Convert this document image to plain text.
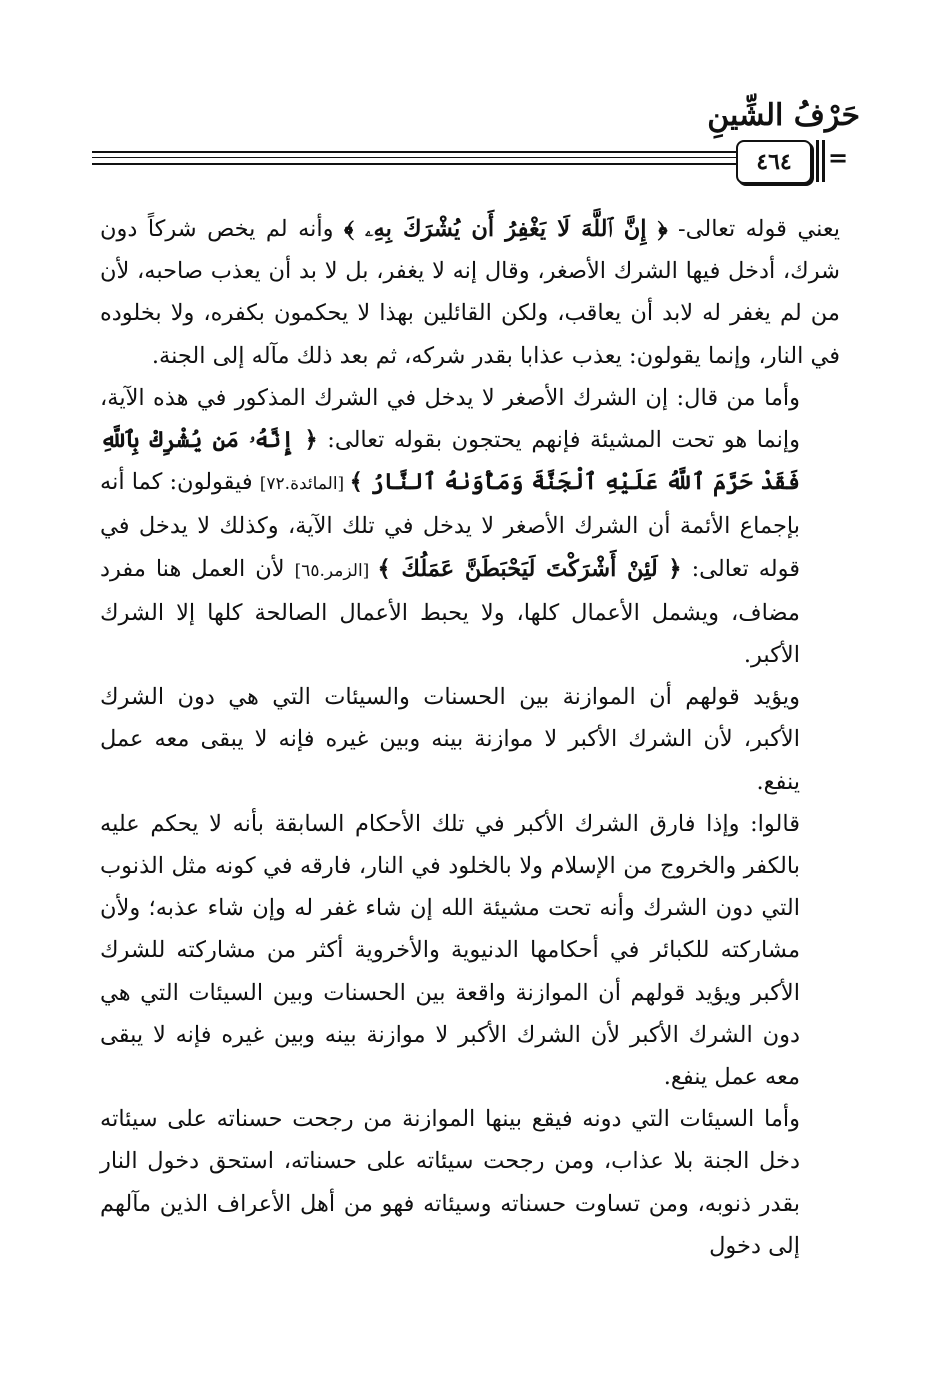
حَرْفُ الشِّينِ
٤٦٤	=

يعني قوله تعالى- ﴿ إِنَّ ٱللَّهَ لَا يَغْفِرُ أَن يُشْرَكَ بِهِۦ ﴾ وأنه لم يخص شركاً دون شرك، أدخل فيها الشرك الأصغر، وقال إنه لا يغفر، بل لا بد أن يعذب صاحبه، لأن من لم يغفر له لابد أن يعاقب، ولكن القائلين بهذا لا يحكمون بكفره، ولا بخلوده في النار، وإنما يقولون: يعذب عذابا بقدر شركه، ثم بعد ذلك مآله إلى الجنة.

وأما من قال: إن الشرك الأصغر لا يدخل في الشرك المذكور في هذه الآية، وإنما هو تحت المشيئة فإنهم يحتجون بقوله تعالى: ﴿ إِنَّهُۥ مَن يُشْرِكْ بِٱللَّهِ فَقَدْ حَرَّمَ ٱللَّهُ عَلَيْهِ ٱلْجَنَّةَ وَمَأْوَىٰهُ ٱلنَّارُ ﴾ [المائدة.٧٢] فيقولون: كما أنه بإجماع الأئمة أن الشرك الأصغر لا يدخل في تلك الآية، وكذلك لا يدخل في قوله تعالى: ﴿ لَئِنْ أَشْرَكْتَ لَيَحْبَطَنَّ عَمَلُكَ ﴾ [الزمر.٦٥] لأن العمل هنا مفرد مضاف، ويشمل الأعمال كلها، ولا يحبط الأعمال الصالحة كلها إلا الشرك الأكبر.

ويؤيد قولهم أن الموازنة بين الحسنات والسيئات التي هي دون الشرك الأكبر، لأن الشرك الأكبر لا موازنة بينه وبين غيره فإنه لا يبقى معه عمل ينفع.

قالوا: وإذا فارق الشرك الأكبر في تلك الأحكام السابقة بأنه لا يحكم عليه بالكفر والخروج من الإسلام ولا بالخلود في النار، فارقه في كونه مثل الذنوب التي دون الشرك وأنه تحت مشيئة الله إن شاء غفر له وإن شاء عذبه؛ ولأن مشاركته للكبائر في أحكامها الدنيوية والأخروية أكثر من مشاركته للشرك الأكبر ويؤيد قولهم أن الموازنة واقعة بين الحسنات وبين السيئات التي هي دون الشرك الأكبر لأن الشرك الأكبر لا موازنة بينه وبين غيره فإنه لا يبقى معه عمل ينفع.

وأما السيئات التي دونه فيقع بينها الموازنة من رجحت حسناته على سيئاته دخل الجنة بلا عذاب، ومن رجحت سيئاته على حسناته، استحق دخول النار بقدر ذنوبه، ومن تساوت حسناته وسيئاته فهو من أهل الأعراف الذين مآلهم إلى دخول
